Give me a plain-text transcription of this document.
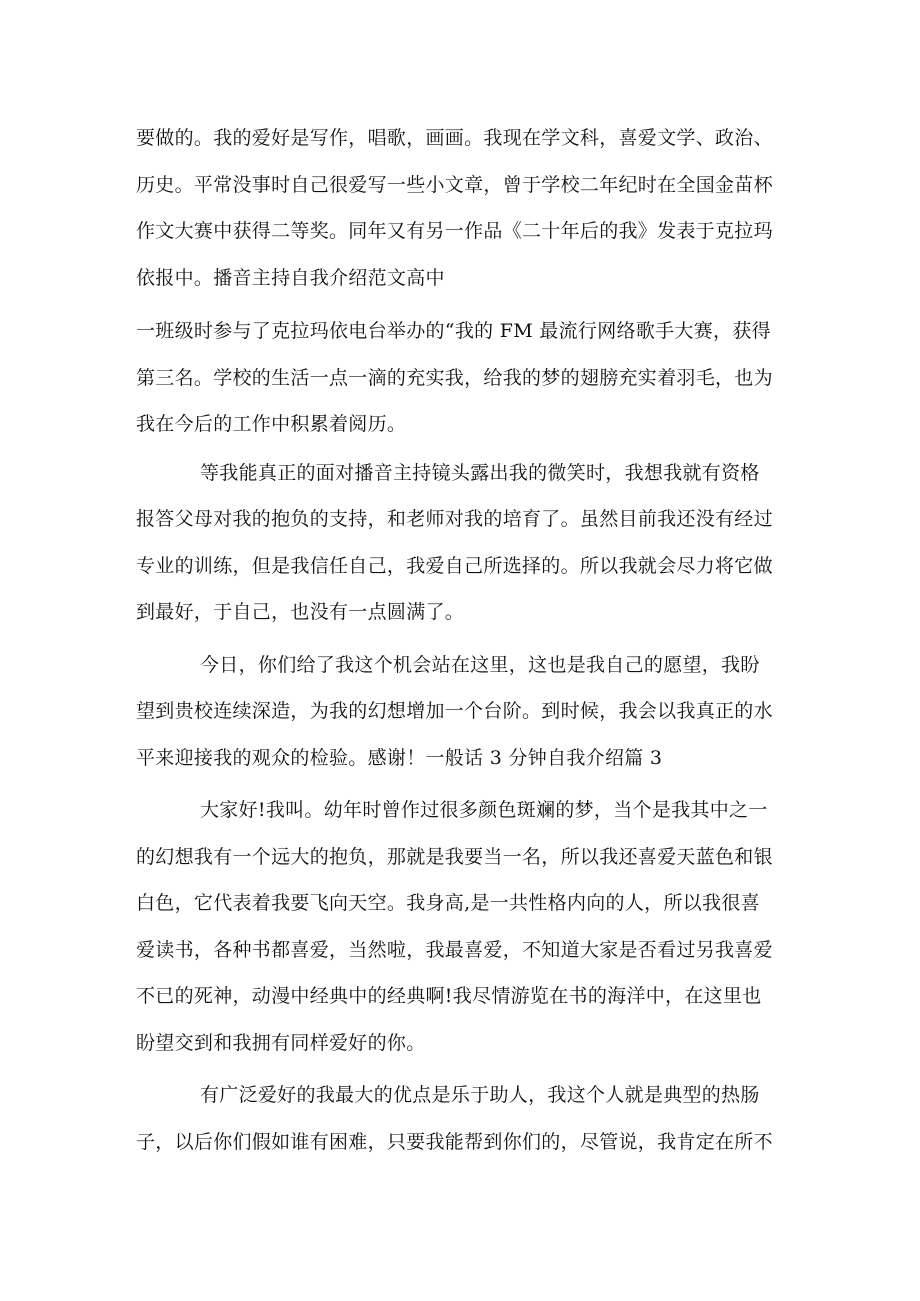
要做的。我的爱好是写作，唱歌，画画。我现在学文科，喜爱文学、政治、
历史。平常没事时自己很爱写一些小文章，曾于学校二年纪时在全国金苗杯
作文大赛中获得二等奖。同年又有另一作品《二十年后的我》发表于克拉玛
依报中。播音主持自我介绍范文高中
一班级时参与了克拉玛依电台举办的“我的 FM 最流行网络歌手大赛，获得
第三名。学校的生活一点一滴的充实我，给我的梦的翅膀充实着羽毛，也为
我在今后的工作中积累着阅历。
等我能真正的面对播音主持镜头露出我的微笑时，我想我就有资格
报答父母对我的抱负的支持，和老师对我的培育了。虽然目前我还没有经过
专业的训练，但是我信任自己，我爱自己所选择的。所以我就会尽力将它做
到最好，于自己，也没有一点圆满了。
今日，你们给了我这个机会站在这里，这也是我自己的愿望，我盼
望到贵校连续深造，为我的幻想增加一个台阶。到时候，我会以我真正的水
平来迎接我的观众的检验。感谢！一般话 3 分钟自我介绍篇 3
大家好!我叫。幼年时曾作过很多颜色斑斓的梦，当个是我其中之一
的幻想我有一个远大的抱负，那就是我要当一名，所以我还喜爱天蓝色和银
白色，它代表着我要飞向天空。我身高,是一共性格内向的人，所以我很喜
爱读书，各种书都喜爱，当然啦，我最喜爱，不知道大家是否看过另我喜爱
不已的死神，动漫中经典中的经典啊!我尽情游览在书的海洋中，在这里也
盼望交到和我拥有同样爱好的你。
有广泛爱好的我最大的优点是乐于助人，我这个人就是典型的热肠
子，以后你们假如谁有困难，只要我能帮到你们的，尽管说，我肯定在所不
